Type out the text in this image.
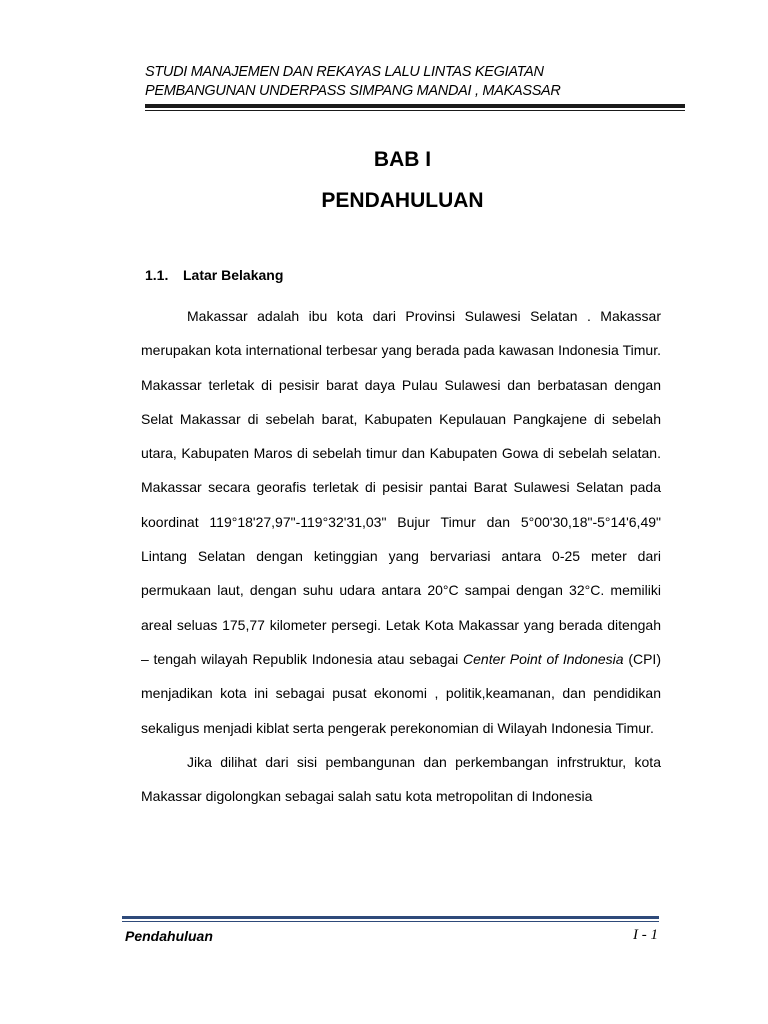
STUDI MANAJEMEN DAN REKAYAS LALU LINTAS KEGIATAN
PEMBANGUNAN UNDERPASS SIMPANG MANDAI , MAKASSAR
BAB I
PENDAHULUAN
1.1. Latar Belakang

Makassar adalah ibu kota dari Provinsi Sulawesi Selatan . Makassar merupakan kota international terbesar yang berada pada kawasan Indonesia Timur. Makassar terletak di pesisir barat daya Pulau Sulawesi dan berbatasan dengan Selat Makassar di sebelah barat, Kabupaten Kepulauan Pangkajene di sebelah utara, Kabupaten Maros di sebelah timur dan Kabupaten Gowa di sebelah selatan. Makassar secara georafis terletak di pesisir pantai Barat Sulawesi Selatan pada koordinat 119°18'27,97"-119°32'31,03" Bujur Timur dan 5°00'30,18"-5°14'6,49" Lintang Selatan dengan ketinggian yang bervariasi antara 0-25 meter dari permukaan laut, dengan suhu udara antara 20°C sampai dengan 32°C. memiliki areal seluas 175,77 kilometer persegi. Letak Kota Makassar yang berada ditengah – tengah wilayah Republik Indonesia atau sebagai Center Point of Indonesia (CPI) menjadikan kota ini sebagai pusat ekonomi , politik,keamanan, dan pendidikan sekaligus menjadi kiblat serta pengerak perekonomian di Wilayah Indonesia Timur.

Jika dilihat dari sisi pembangunan dan perkembangan infrstruktur, kota Makassar digolongkan sebagai salah satu kota metropolitan di Indonesia

Pendahuluan	I - 1
